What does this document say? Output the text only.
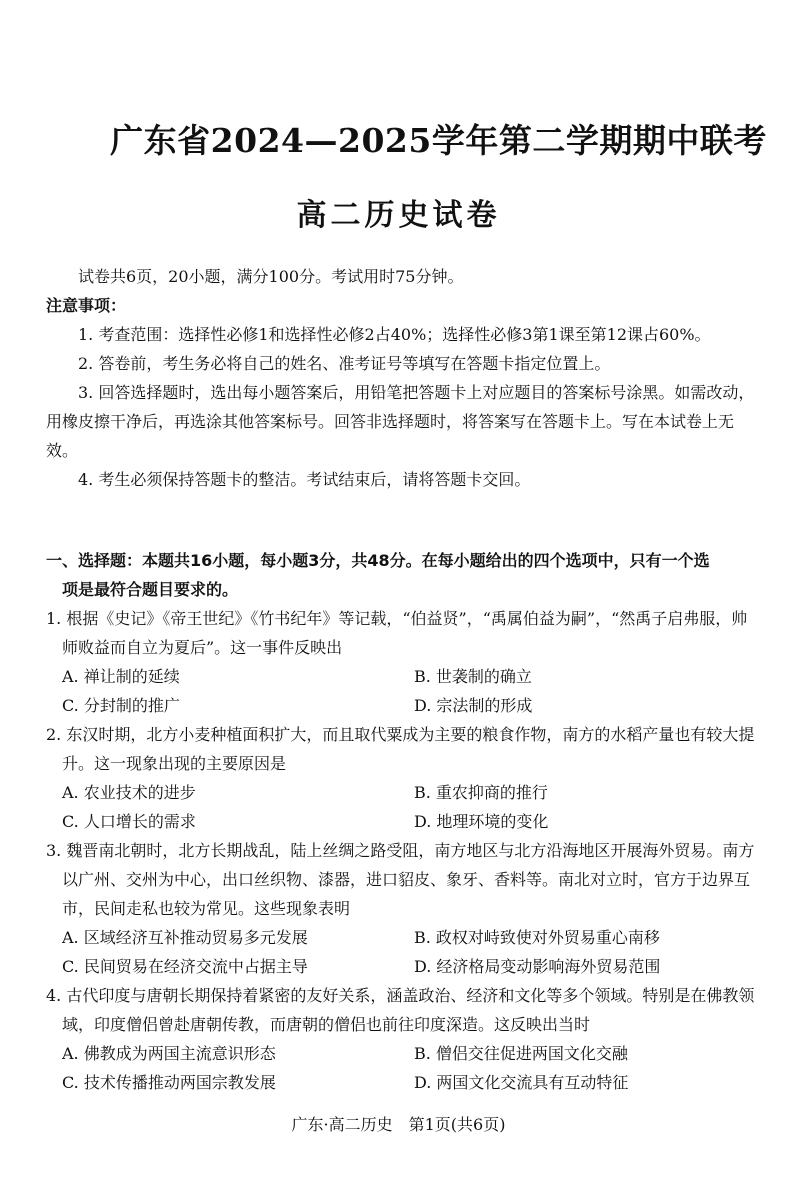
广东省2024—2025学年第二学期期中联考
高二历史试卷
试卷共6页，20小题，满分100分。考试用时75分钟。
注意事项：
1. 考查范围：选择性必修1和选择性必修2占40%；选择性必修3第1课至第12课占60%。
2. 答卷前，考生务必将自己的姓名、准考证号等填写在答题卡指定位置上。
3. 回答选择题时，选出每小题答案后，用铅笔把答题卡上对应题目的答案标号涂黑。如需改动，用橡皮擦干净后，再选涂其他答案标号。回答非选择题时，将答案写在答题卡上。写在本试卷上无效。
4. 考生必须保持答题卡的整洁。考试结束后，请将答题卡交回。
一、选择题：本题共16小题，每小题3分，共48分。在每小题给出的四个选项中，只有一个选
项是最符合题目要求的。
1. 根据《史记》《帝王世纪》《竹书纪年》等记载，“伯益贤”，“禹属伯益为嗣”，“然禹子启弗服，帅师败益而自立为夏后”。这一事件反映出
A. 禅让制的延续	B. 世袭制的确立
C. 分封制的推广	D. 宗法制的形成
2. 东汉时期，北方小麦种植面积扩大，而且取代粟成为主要的粮食作物，南方的水稻产量也有较大提升。这一现象出现的主要原因是
A. 农业技术的进步	B. 重农抑商的推行
C. 人口增长的需求	D. 地理环境的变化
3. 魏晋南北朝时，北方长期战乱，陆上丝绸之路受阻，南方地区与北方沿海地区开展海外贸易。南方以广州、交州为中心，出口丝织物、漆器，进口貂皮、象牙、香料等。南北对立时，官方于边界互市，民间走私也较为常见。这些现象表明
A. 区域经济互补推动贸易多元发展	B. 政权对峙致使对外贸易重心南移
C. 民间贸易在经济交流中占据主导	D. 经济格局变动影响海外贸易范围
4. 古代印度与唐朝长期保持着紧密的友好关系，涵盖政治、经济和文化等多个领域。特别是在佛教领域，印度僧侣曾赴唐朝传教，而唐朝的僧侣也前往印度深造。这反映出当时
A. 佛教成为两国主流意识形态	B. 僧侣交往促进两国文化交融
C. 技术传播推动两国宗教发展	D. 两国文化交流具有互动特征
广东·高二历史　第1页(共6页)
